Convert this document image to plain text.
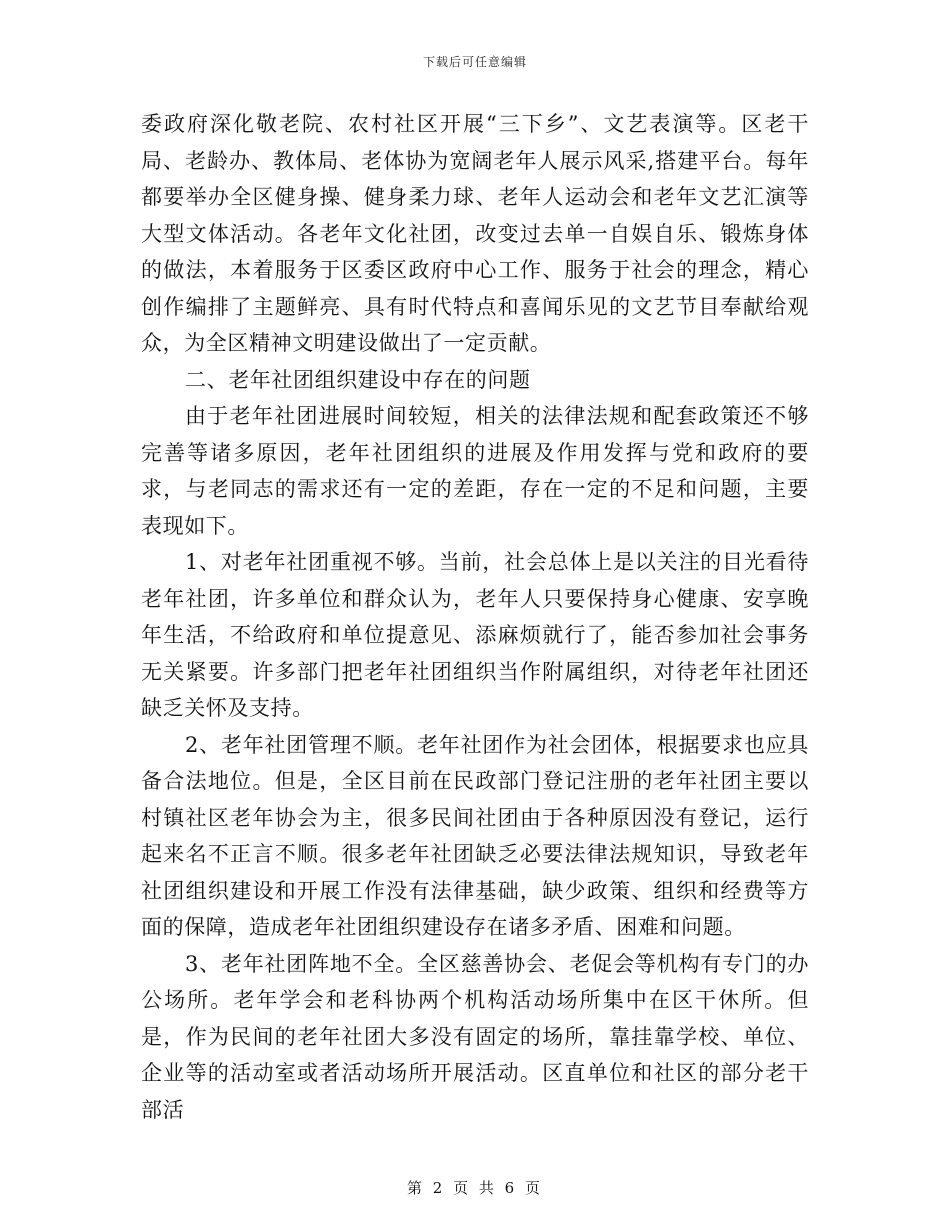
下载后可任意编辑

委政府深化敬老院、农村社区开展“三下乡”、文艺表演等。区老干局、老龄办、教体局、老体协为宽阔老年人展示风采,搭建平台。每年都要举办全区健身操、健身柔力球、老年人运动会和老年文艺汇演等大型文体活动。各老年文化社团，改变过去单一自娱自乐、锻炼身体的做法，本着服务于区委区政府中心工作、服务于社会的理念，精心创作编排了主题鲜亮、具有时代特点和喜闻乐见的文艺节目奉献给观众，为全区精神文明建设做出了一定贡献。

二、老年社团组织建设中存在的问题

由于老年社团进展时间较短，相关的法律法规和配套政策还不够完善等诸多原因，老年社团组织的进展及作用发挥与党和政府的要求，与老同志的需求还有一定的差距，存在一定的不足和问题，主要表现如下。

1、对老年社团重视不够。当前，社会总体上是以关注的目光看待老年社团，许多单位和群众认为，老年人只要保持身心健康、安享晚年生活，不给政府和单位提意见、添麻烦就行了，能否参加社会事务无关紧要。许多部门把老年社团组织当作附属组织，对待老年社团还缺乏关怀及支持。

2、老年社团管理不顺。老年社团作为社会团体，根据要求也应具备合法地位。但是，全区目前在民政部门登记注册的老年社团主要以村镇社区老年协会为主，很多民间社团由于各种原因没有登记，运行起来名不正言不顺。很多老年社团缺乏必要法律法规知识，导致老年社团组织建设和开展工作没有法律基础，缺少政策、组织和经费等方面的保障，造成老年社团组织建设存在诸多矛盾、困难和问题。

3、老年社团阵地不全。全区慈善协会、老促会等机构有专门的办公场所。老年学会和老科协两个机构活动场所集中在区干休所。但是，作为民间的老年社团大多没有固定的场所，靠挂靠学校、单位、企业等的活动室或者活动场所开展活动。区直单位和社区的部分老干部活

第 2 页 共 6 页
